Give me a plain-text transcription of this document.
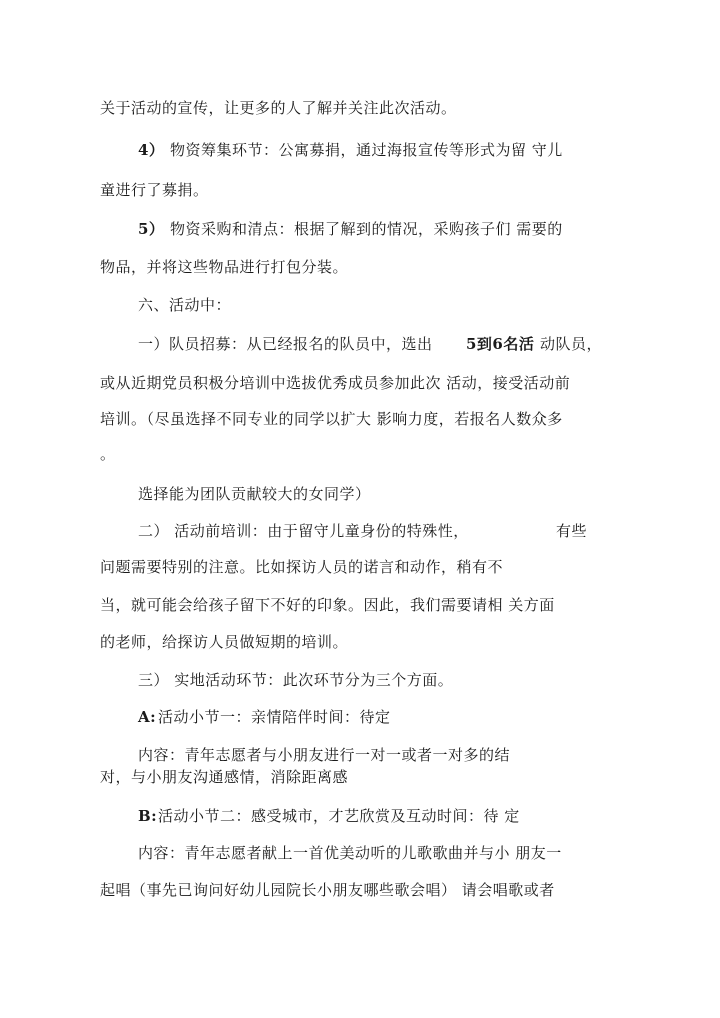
关于活动的宣传，让更多的人了解并关注此次活动。
4） 物资筹集环节：公寓募捐，通过海报宣传等形式为留 守儿
童进行了募捐。
5） 物资采购和清点：根据了解到的情况，采购孩子们 需要的
物品，并将这些物品进行打包分装。
六、活动中：
一）队员招募：从已经报名的队员中，选出 5到6名活 动队员，
或从近期党员积极分培训中选拔优秀成员参加此次 活动，接受活动前
培训。（尽虽选择不同专业的同学以扩大 影响力度，若报名人数众多
。
选择能为团队贡献较大的女同学）
二） 活动前培训：由于留守儿童身份的特殊性，	有些
问题需要特别的注意。比如探访人员的诺言和动作，稍有不
当，就可能会给孩子留下不好的印象。因此，我们需要请相 关方面
的老师，给探访人员做短期的培训。
三） 实地活动环节：此次环节分为三个方面。
A: 活动小节一：亲情陪伴时间：待定
内容：青年志愿者与小朋友进行一对一或者一对多的结
对，与小朋友沟通感情，消除距离感
B: 活动小节二：感受城市，才艺欣赏及互动时间：待 定
内容：青年志愿者献上一首优美动听的儿歌歌曲并与小 朋友一
起唱（事先已询问好幼儿园院长小朋友哪些歌会唱） 请会唱歌或者
